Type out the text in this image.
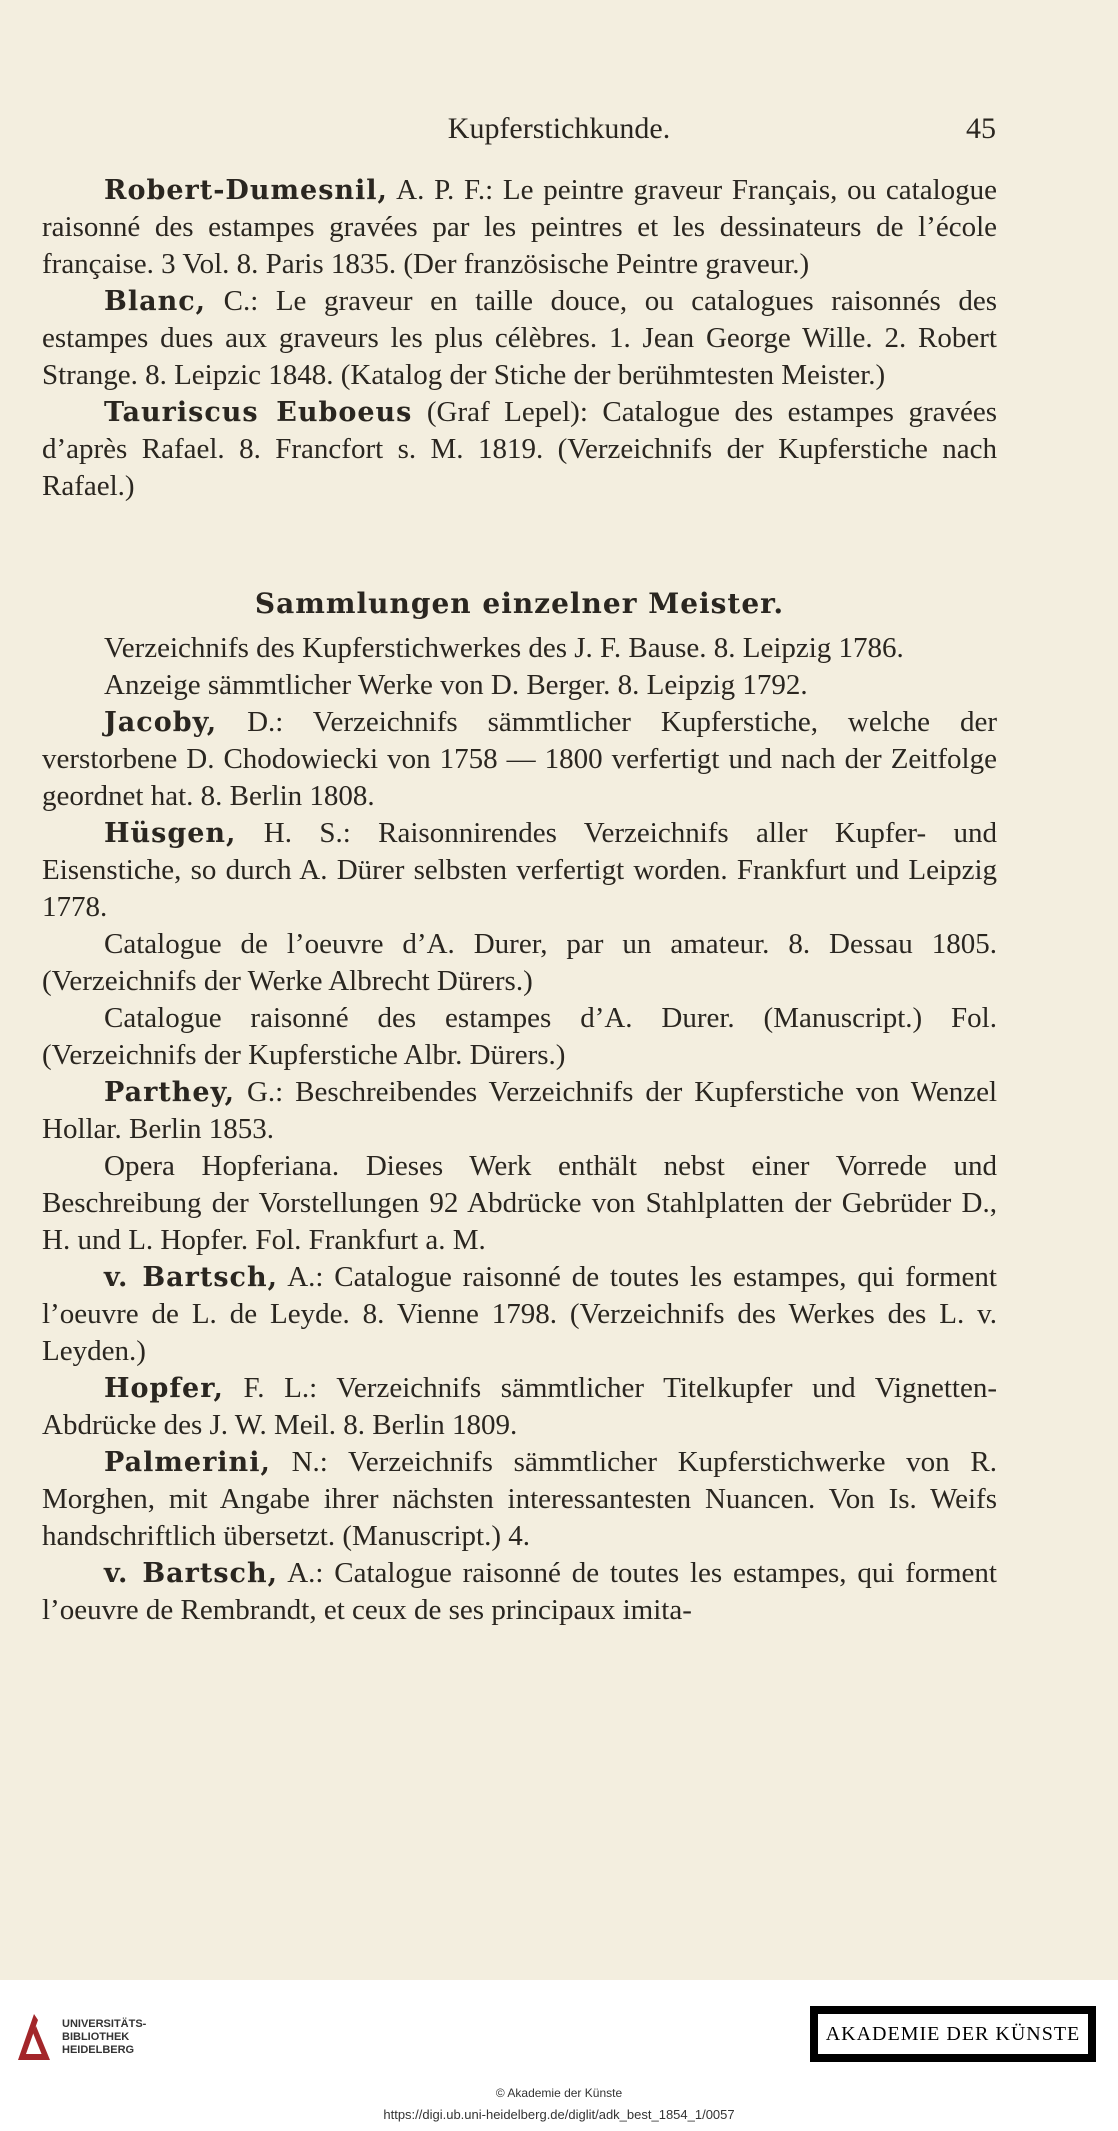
Kupferstichkunde.	45

Robert-Dumesnil, A. P. F.: Le peintre graveur Français, ou catalogue raisonné des estampes gravées par les peintres et les dessinateurs de l’école française. 3 Vol. 8. Paris 1835. (Der französische Peintre graveur.)

Blanc, C.: Le graveur en taille douce, ou catalogues raisonnés des estampes dues aux graveurs les plus célèbres. 1. Jean George Wille. 2. Robert Strange. 8. Leipzic 1848. (Katalog der Stiche der berühmtesten Meister.)

Tauriscus Euboeus (Graf Lepel): Catalogue des estampes gravées d’après Rafael. 8. Francfort s. M. 1819. (Verzeichnifs der Kupferstiche nach Rafael.)

Sammlungen einzelner Meister.

Verzeichnifs des Kupferstichwerkes des J. F. Bause. 8. Leipzig 1786.

Anzeige sämmtlicher Werke von D. Berger. 8. Leipzig 1792.

Jacoby, D.: Verzeichnifs sämmtlicher Kupferstiche, welche der verstorbene D. Chodowiecki von 1758 — 1800 verfertigt und nach der Zeitfolge geordnet hat. 8. Berlin 1808.

Hüsgen, H. S.: Raisonnirendes Verzeichnifs aller Kupfer- und Eisenstiche, so durch A. Dürer selbsten verfertigt worden. Frankfurt und Leipzig 1778.

Catalogue de l’oeuvre d’A. Durer, par un amateur. 8. Dessau 1805. (Verzeichnifs der Werke Albrecht Dürers.)

Catalogue raisonné des estampes d’A. Durer. (Manuscript.) Fol. (Verzeichnifs der Kupferstiche Albr. Dürers.)

Parthey, G.: Beschreibendes Verzeichnifs der Kupferstiche von Wenzel Hollar. Berlin 1853.

Opera Hopferiana. Dieses Werk enthält nebst einer Vorrede und Beschreibung der Vorstellungen 92 Abdrücke von Stahlplatten der Gebrüder D., H. und L. Hopfer. Fol. Frankfurt a. M.

v. Bartsch, A.: Catalogue raisonné de toutes les estampes, qui forment l’oeuvre de L. de Leyde. 8. Vienne 1798. (Verzeichnifs des Werkes des L. v. Leyden.)

Hopfer, F. L.: Verzeichnifs sämmtlicher Titelkupfer und Vignetten-Abdrücke des J. W. Meil. 8. Berlin 1809.

Palmerini, N.: Verzeichnifs sämmtlicher Kupferstichwerke von R. Morghen, mit Angabe ihrer nächsten interessantesten Nuancen. Von Is. Weifs handschriftlich übersetzt. (Manuscript.) 4.

v. Bartsch, A.: Catalogue raisonné de toutes les estampes, qui forment l’oeuvre de Rembrandt, et ceux de ses principaux imita-

UNIVERSITÄTS-
BIBLIOTHEK
HEIDELBERG
AKADEMIE DER KÜNSTE
© Akademie der Künste
https://digi.ub.uni-heidelberg.de/diglit/adk_best_1854_1/0057
